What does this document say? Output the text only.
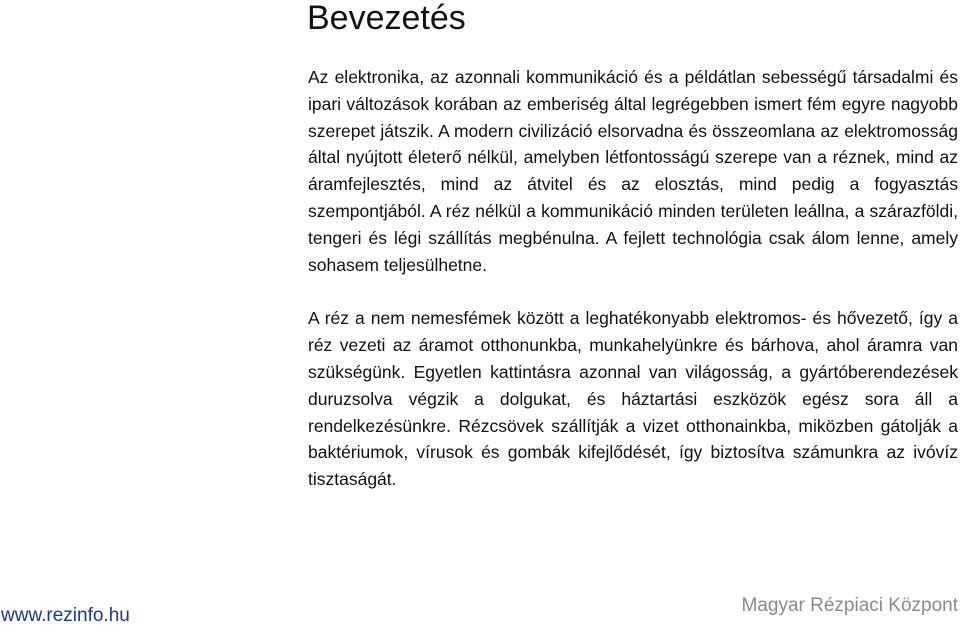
Bevezetés

Az elektronika, az azonnali kommunikáció és a példátlan sebességű társadalmi és ipari változások korában az emberiség által legrégebben ismert fém egyre nagyobb szerepet játszik. A modern civilizáció elsorvadna és összeomlana az elektromosság által nyújtott életerő nélkül, amelyben létfontosságú szerepe van a réznek, mind az áramfejlesztés, mind az átvitel és az elosztás, mind pedig a fogyasztás szempontjából. A réz nélkül a kommunikáció minden területen leállna, a szárazföldi, tengeri és légi szállítás megbénulna. A fejlett technológia csak álom lenne, amely sohasem teljesülhetne.

A réz a nem nemesfémek között a leghatékonyabb elektromos- és hővezető, így a réz vezeti az áramot otthonunkba, munkahelyünkre és bárhova, ahol áramra van szükségünk. Egyetlen kattintásra azonnal van világosság, a gyártóberendezések duruzsolva végzik a dolgukat, és háztartási eszközök egész sora áll a rendelkezésünkre. Rézcsövek szállítják a vizet otthonainkba, miközben gátolják a baktériumok, vírusok és gombák kifejlődését, így biztosítva számunkra az ivóvíz tisztaságát.

www.rezinfo.hu	Magyar Rézpiaci Központ
